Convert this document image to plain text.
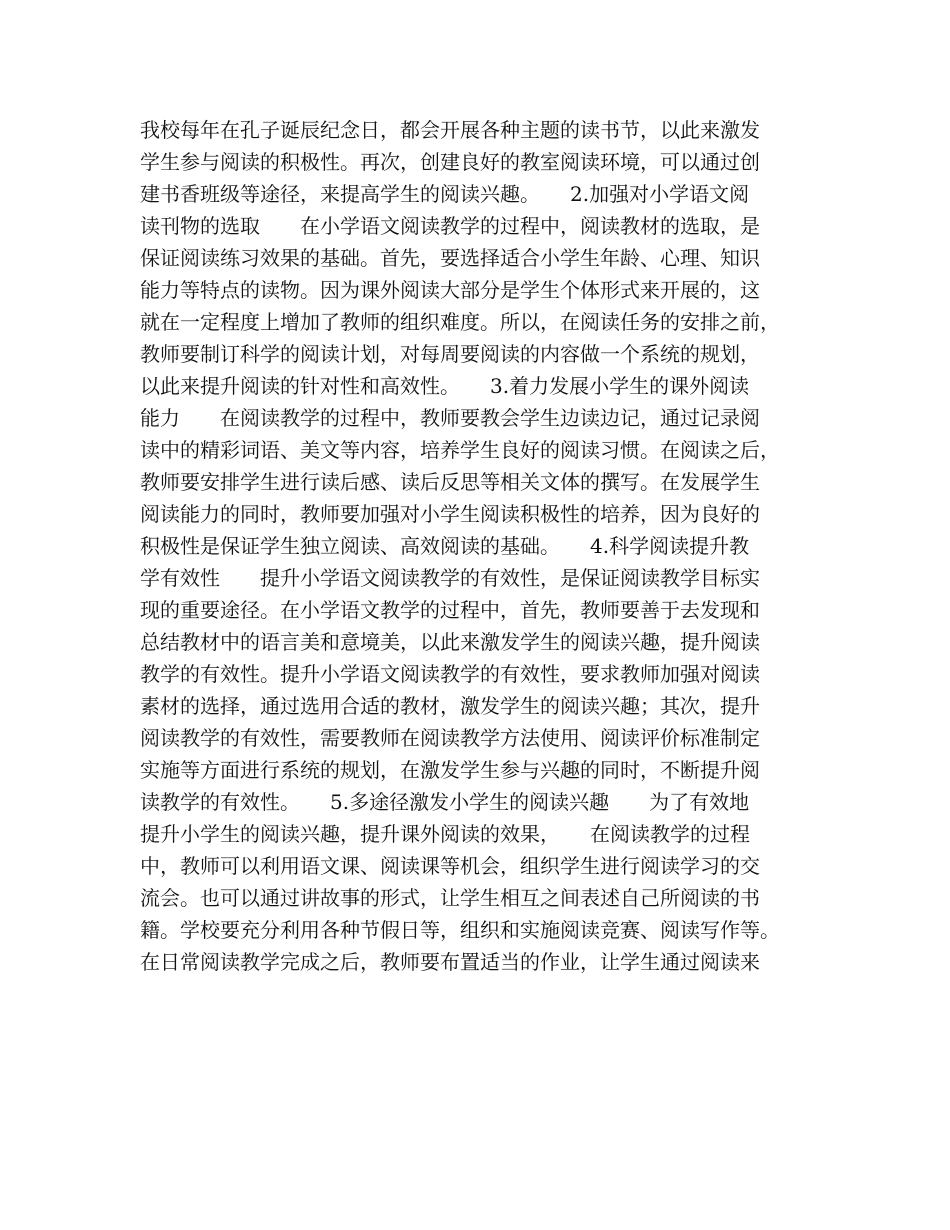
我校每年在孔子诞辰纪念日，都会开展各种主题的读书节，以此来激发
学生参与阅读的积极性。再次，创建良好的教室阅读环境，可以通过创
建书香班级等途径，来提高学生的阅读兴趣。　　2.加强对小学语文阅
读刊物的选取　　在小学语文阅读教学的过程中，阅读教材的选取，是
保证阅读练习效果的基础。首先，要选择适合小学生年龄、心理、知识
能力等特点的读物。因为课外阅读大部分是学生个体形式来开展的，这
就在一定程度上增加了教师的组织难度。所以，在阅读任务的安排之前，
教师要制订科学的阅读计划，对每周要阅读的内容做一个系统的规划，
以此来提升阅读的针对性和高效性。　　3.着力发展小学生的课外阅读
能力　　在阅读教学的过程中，教师要教会学生边读边记，通过记录阅
读中的精彩词语、美文等内容，培养学生良好的阅读习惯。在阅读之后，
教师要安排学生进行读后感、读后反思等相关文体的撰写。在发展学生
阅读能力的同时，教师要加强对小学生阅读积极性的培养，因为良好的
积极性是保证学生独立阅读、高效阅读的基础。　　4.科学阅读提升教
学有效性　　提升小学语文阅读教学的有效性，是保证阅读教学目标实
现的重要途径。在小学语文教学的过程中，首先，教师要善于去发现和
总结教材中的语言美和意境美，以此来激发学生的阅读兴趣，提升阅读
教学的有效性。提升小学语文阅读教学的有效性，要求教师加强对阅读
素材的选择，通过选用合适的教材，激发学生的阅读兴趣；其次，提升
阅读教学的有效性，需要教师在阅读教学方法使用、阅读评价标准制定
实施等方面进行系统的规划，在激发学生参与兴趣的同时，不断提升阅
读教学的有效性。　　5.多途径激发小学生的阅读兴趣　　为了有效地
提升小学生的阅读兴趣，提升课外阅读的效果，　　在阅读教学的过程
中，教师可以利用语文课、阅读课等机会，组织学生进行阅读学习的交
流会。也可以通过讲故事的形式，让学生相互之间表述自己所阅读的书
籍。学校要充分利用各种节假日等，组织和实施阅读竞赛、阅读写作等。
在日常阅读教学完成之后，教师要布置适当的作业，让学生通过阅读来
